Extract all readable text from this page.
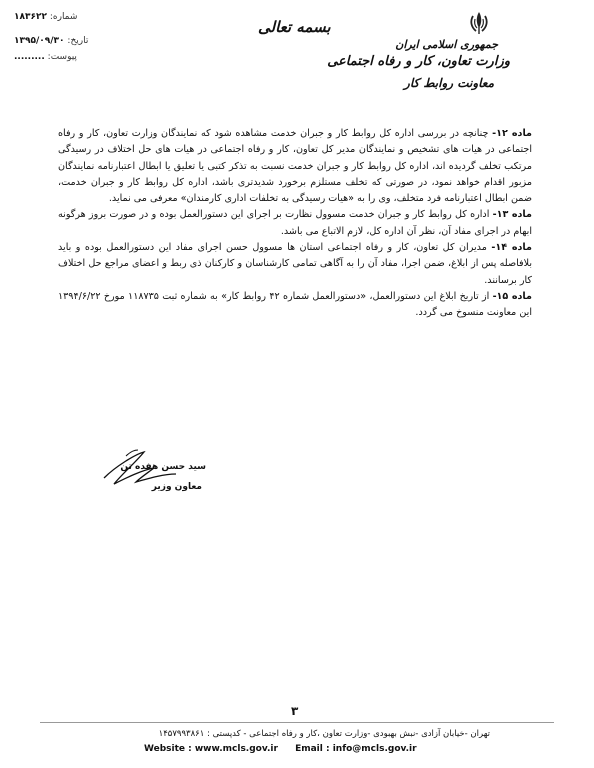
جمهوری اسلامی ایران
وزارت تعاون، کار و رفاه اجتماعی
معاونت روابط کار
بسمه تعالی
شماره: ۱۸۳۶۲۲
تاریخ: ۱۳۹۵/۰۹/۳۰
پیوست: .........

ماده ۱۲- چنانچه در بررسی اداره کل روابط کار و جبران خدمت مشاهده شود که نمایندگان وزارت تعاون، کار و رفاه اجتماعی در هیات های تشخیص و نمایندگان مدیر کل تعاون، کار و رفاه اجتماعی در هیات های حل اختلاف در رسیدگی مرتکب تخلف گردیده اند، اداره کل روابط کار و جبران خدمت نسبت به تذکر کتبی یا تعلیق یا ابطال اعتبارنامه نمایندگان مزبور اقدام خواهد نمود، در صورتی که تخلف مستلزم برخورد شدیدتری باشد، اداره کل روابط کار و جبران خدمت، ضمن ابطال اعتبارنامه فرد متخلف، وی را به «هیات رسیدگی به تخلفات اداری کارمندان» معرفی می نماید.

ماده ۱۳- اداره کل روابط کار و جبران خدمت مسوول نظارت بر اجرای این دستورالعمل بوده و در صورت بروز هرگونه ابهام در اجرای مفاد آن، نظر آن اداره کل، لازم الاتباع می باشد.

ماده ۱۴- مدیران کل تعاون، کار و رفاه اجتماعی استان ها مسوول حسن اجرای مفاد این دستورالعمل بوده و باید بلافاصله پس از ابلاغ، ضمن اجرا، مفاد آن را به آگاهی تمامی کارشناسان و کارکنان ذی ربط و اعضای مراجع حل اختلاف کار برسانند.

ماده ۱۵- از تاریخ ابلاغ این دستورالعمل، «دستورالعمل شماره ۴۲ روابط کار» به شماره ثبت ۱۱۸۷۳۵ مورخ ۱۳۹۴/۶/۲۲ این معاونت منسوخ می گردد.

سید حسن هفده تن
معاون وزیر
۳
تهران -خیابان آزادی -نبش بهبودی -وزارت تعاون ،کار و رفاه اجتماعی - کدپستی : ۱۴۵۷۹۹۳۸۶۱
Website : www.mcls.gov.ir Email : info@mcls.gov.ir
